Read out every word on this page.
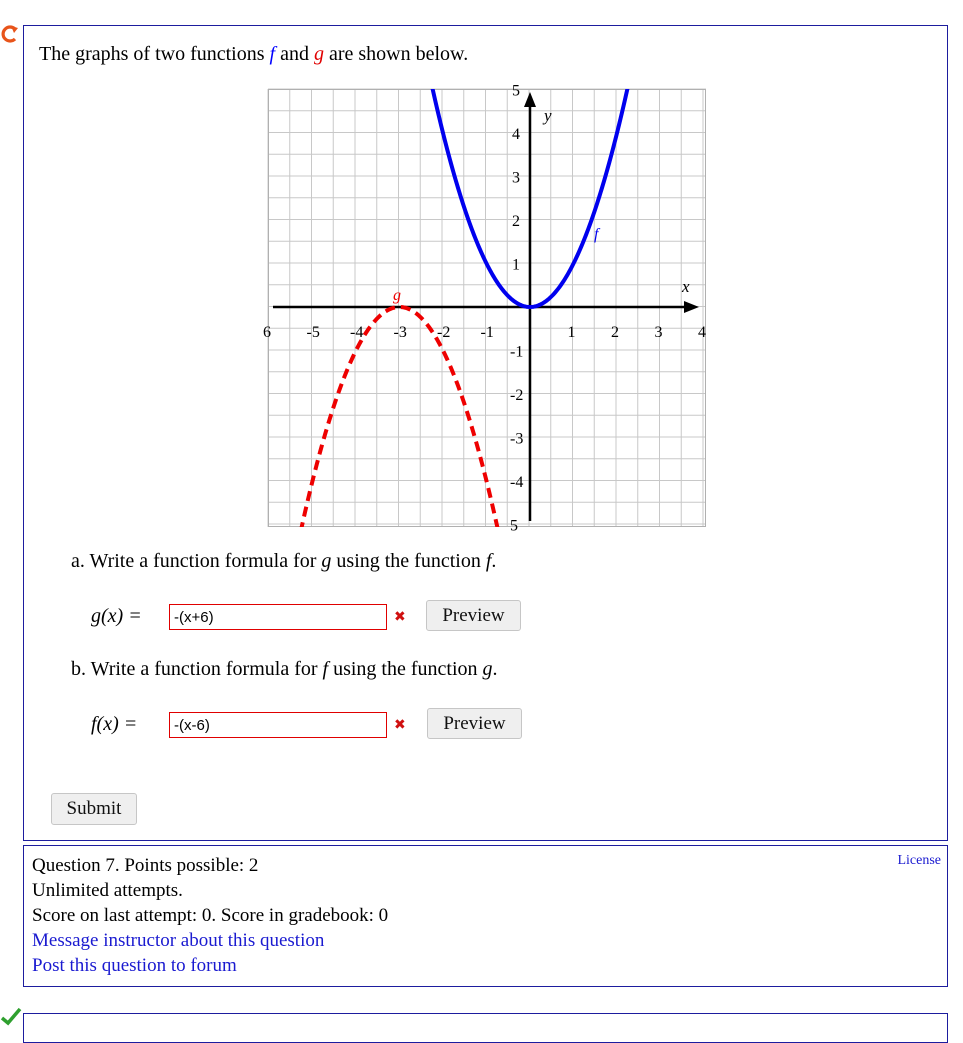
The graphs of two functions f and g are shown below.
6 -5 -4 -3 -2 -1	1 2 3 4
5
4
3
2
1
-1
-2
-3
-4
5
x
y
f
g
a. Write a function formula for g using the function f.
g(x) =
-(x+6)	✖	Preview
b. Write a function formula for f using the function g.
f(x) =
-(x-6)	✖	Preview
Submit
Question 7. Points possible: 2
Unlimited attempts.
Score on last attempt: 0. Score in gradebook: 0
Message instructor about this question
Post this question to forum
License
